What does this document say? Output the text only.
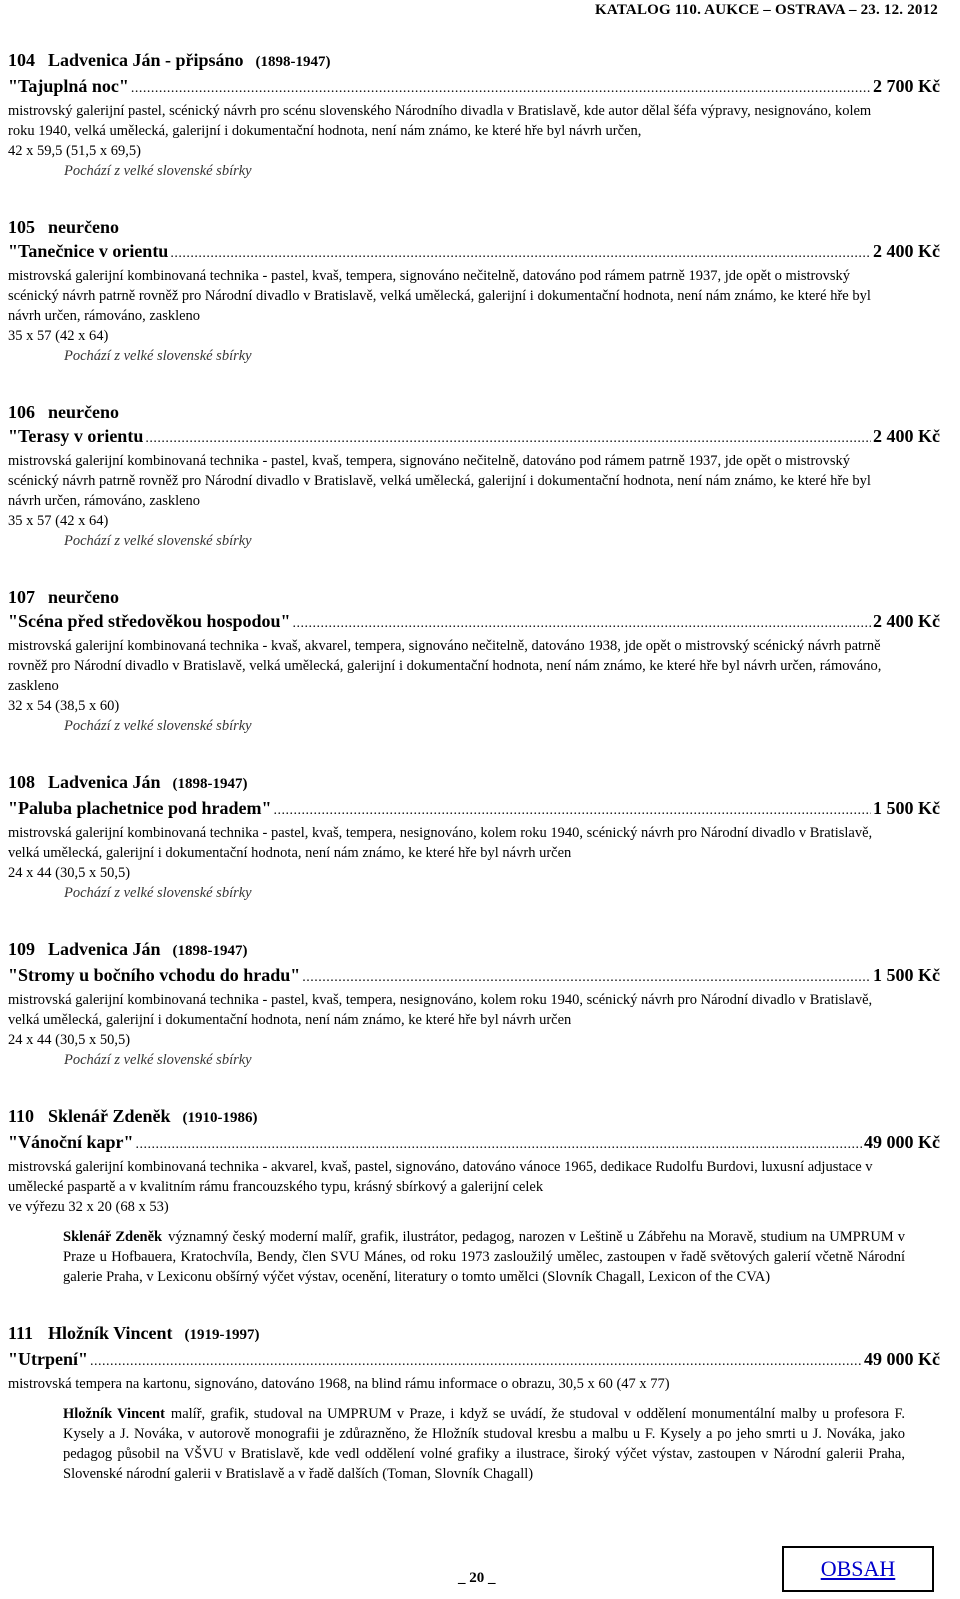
KATALOG 110. AUKCE – OSTRAVA – 23. 12. 2012
104 Ladvenica Ján - připsáno (1898-1947)
"Tajuplná noc" .....	2 700 Kč
mistrovský galerijní pastel, scénický návrh pro scénu slovenského Národního divadla v Bratislavě, kde autor dělal šéfa výpravy, nesignováno, kolem roku 1940, velká umělecká, galerijní i dokumentační hodnota, není nám známo, ke které hře byl návrh určen,
42 x 59,5 (51,5 x 69,5)
Pochází z velké slovenské sbírky
105 neurčeno
"Tanečnice v orientu .....	2 400 Kč
mistrovská galerijní kombinovaná technika - pastel, kvaš, tempera, signováno nečitelně, datováno pod rámem patrně 1937, jde opět o mistrovský scénický návrh patrně rovněž pro Národní divadlo v Bratislavě, velká umělecká, galerijní i dokumentační hodnota, není nám známo, ke které hře byl návrh určen, rámováno, zaskleno
35 x 57 (42 x 64)
Pochází z velké slovenské sbírky
106 neurčeno
"Terasy v orientu .....	2 400 Kč
mistrovská galerijní kombinovaná technika - pastel, kvaš, tempera, signováno nečitelně, datováno pod rámem patrně 1937, jde opět o mistrovský scénický návrh patrně rovněž pro Národní divadlo v Bratislavě, velká umělecká, galerijní i dokumentační hodnota, není nám známo, ke které hře byl návrh určen, rámováno, zaskleno
35 x 57 (42 x 64)
Pochází z velké slovenské sbírky
107 neurčeno
"Scéna před středověkou hospodou" .....	2 400 Kč
mistrovská galerijní kombinovaná technika - kvaš, akvarel, tempera, signováno nečitelně, datováno 1938, jde opět o mistrovský scénický návrh patrně rovněž pro Národní divadlo v Bratislavě, velká umělecká, galerijní i dokumentační hodnota, není nám známo, ke které hře byl návrh určen, rámováno, zaskleno
32 x 54 (38,5 x 60)
Pochází z velké slovenské sbírky
108 Ladvenica Ján (1898-1947)
"Paluba plachetnice pod hradem" .....	1 500 Kč
mistrovská galerijní kombinovaná technika - pastel, kvaš, tempera, nesignováno, kolem roku 1940, scénický návrh pro Národní divadlo v Bratislavě, velká umělecká, galerijní i dokumentační hodnota, není nám známo, ke které hře byl návrh určen
24 x 44 (30,5 x 50,5)
Pochází z velké slovenské sbírky
109 Ladvenica Ján (1898-1947)
"Stromy u bočního vchodu do hradu" .....	1 500 Kč
mistrovská galerijní kombinovaná technika - pastel, kvaš, tempera, nesignováno, kolem roku 1940, scénický návrh pro Národní divadlo v Bratislavě, velká umělecká, galerijní i dokumentační hodnota, není nám známo, ke které hře byl návrh určen
24 x 44 (30,5 x 50,5)
Pochází z velké slovenské sbírky
110 Sklenář Zdeněk (1910-1986)
"Vánoční kapr" .....	49 000 Kč
mistrovská galerijní kombinovaná technika - akvarel, kvaš, pastel, signováno, datováno vánoce 1965, dedikace Rudolfu Burdovi, luxusní adjustace v umělecké paspartě a v kvalitním rámu francouzského typu, krásný sbírkový a galerijní celek
ve výřezu 32 x 20 (68 x 53)
Sklenář Zdeněk významný český moderní malíř, grafik, ilustrátor, pedagog, narozen v Leštině u Zábřehu na Moravě, studium na UMPRUM v Praze u Hofbauera, Kratochvíla, Bendy, člen SVU Mánes, od roku 1973 zasloužilý umělec, zastoupen v řadě světových galerií včetně Národní galerie Praha, v Lexiconu obšírný výčet výstav, ocenění, literatury o tomto umělci (Slovník Chagall, Lexicon of the CVA)
111 Hložník Vincent (1919-1997)
"Utrpení" .....	49 000 Kč
mistrovská tempera na kartonu, signováno, datováno 1968, na blind rámu informace o obrazu, 30,5 x 60 (47 x 77)
Hložník Vincent malíř, grafik, studoval na UMPRUM v Praze, i když se uvádí, že studoval v oddělení monumentální malby u profesora F. Kysely a J. Nováka, v autorově monografii je zdůrazněno, že Hložník studoval kresbu a malbu u F. Kysely a po jeho smrti u J. Nováka, jako pedagog působil na VŠVU v Bratislavě, kde vedl oddělení volné grafiky a ilustrace, široký výčet výstav, zastoupen v Národní galerii Praha, Slovenské národní galerii v Bratislavě a v řadě dalších (Toman, Slovník Chagall)
_ 20 _	OBSAH
